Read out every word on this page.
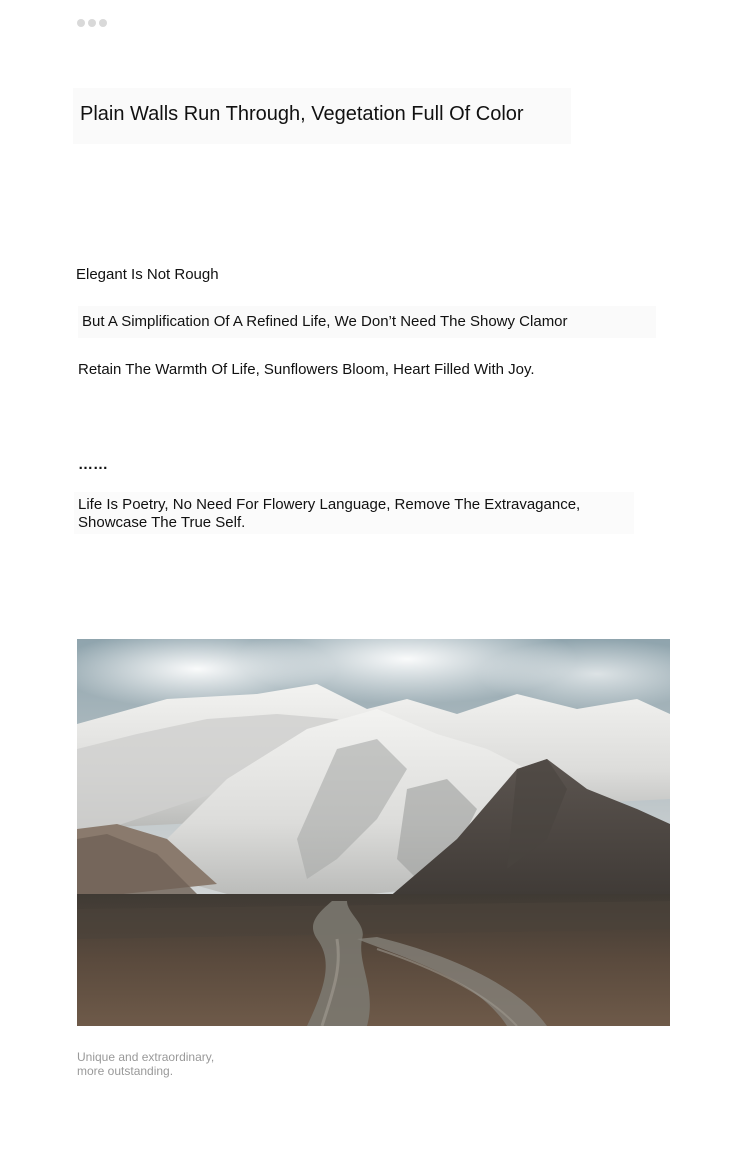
Plain Walls Run Through, Vegetation Full Of Color

Elegant Is Not Rough

But A Simplification Of A Refined Life, We Don’t Need The Showy Clamor

Retain The Warmth Of Life, Sunflowers Bloom, Heart Filled With Joy.

……

Life Is Poetry, No Need For Flowery Language, Remove The Extravagance, Showcase The True Self.

Unique and extraordinary,
more outstanding.
